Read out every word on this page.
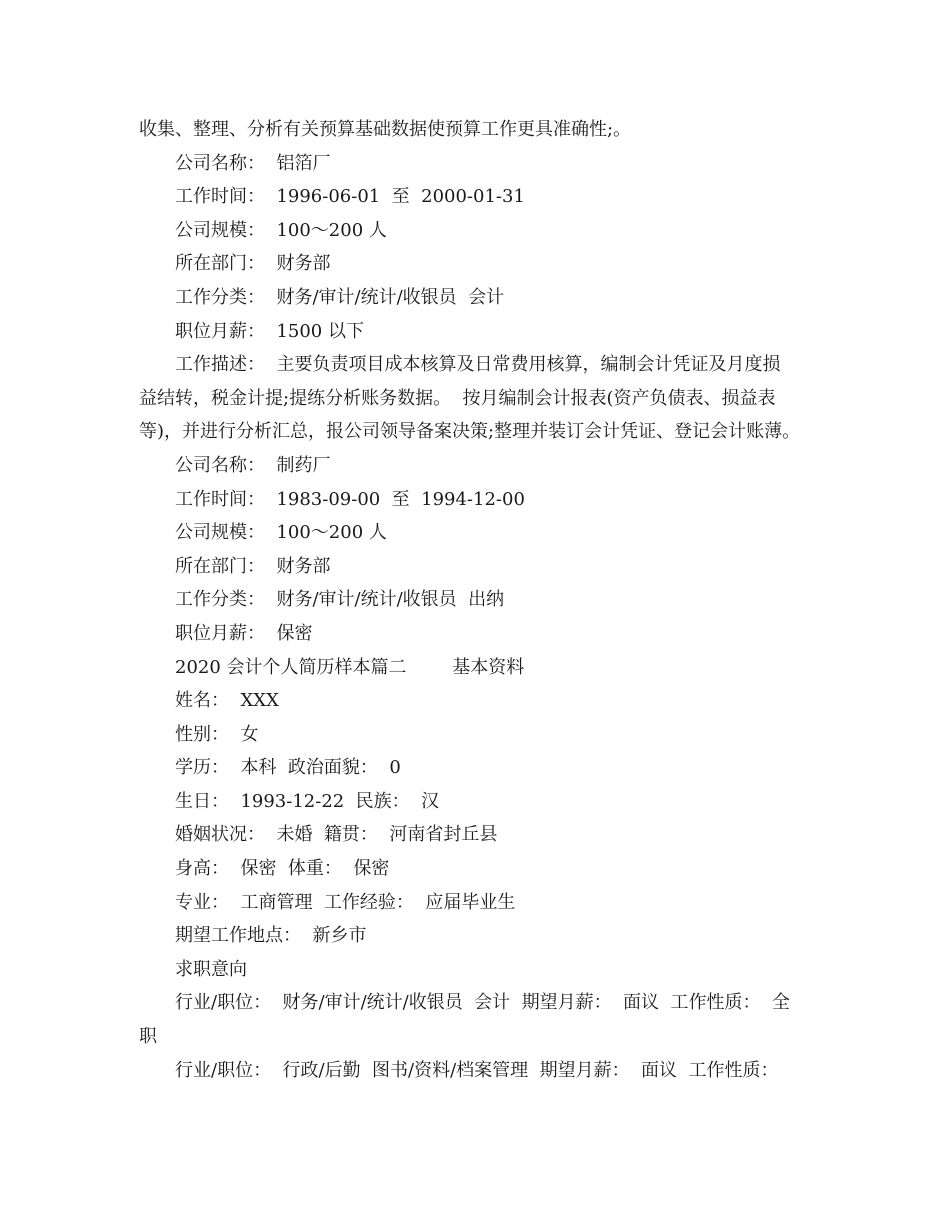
收集、整理、分析有关预算基础数据使预算工作更具准确性;。
公司名称：  铝箔厂
工作时间：  1996-06-01  至  2000-01-31
公司规模：  100～200 人
所在部门：  财务部
工作分类：  财务/审计/统计/收银员  会计
职位月薪：  1500 以下
工作描述：  主要负责项目成本核算及日常费用核算，编制会计凭证及月度损
益结转，税金计提;提练分析账务数据。  按月编制会计报表(资产负债表、损益表
等)，并进行分析汇总，报公司领导备案决策;整理并装订会计凭证、登记会计账薄。
公司名称：  制药厂
工作时间：  1983-09-00  至  1994-12-00
公司规模：  100～200 人
所在部门：  财务部
工作分类：  财务/审计/统计/收银员  出纳
职位月薪：  保密
2020 会计个人简历样本篇二        基本资料
姓名：  XXX
性别：  女
学历：  本科  政治面貌：  0
生日：  1993-12-22  民族：  汉
婚姻状况：  未婚  籍贯：  河南省封丘县
身高：  保密  体重：  保密
专业：  工商管理  工作经验：  应届毕业生
期望工作地点：  新乡市
求职意向
行业/职位：  财务/审计/统计/收银员  会计  期望月薪：  面议  工作性质：  全
职
行业/职位：  行政/后勤  图书/资料/档案管理  期望月薪：  面议  工作性质：
